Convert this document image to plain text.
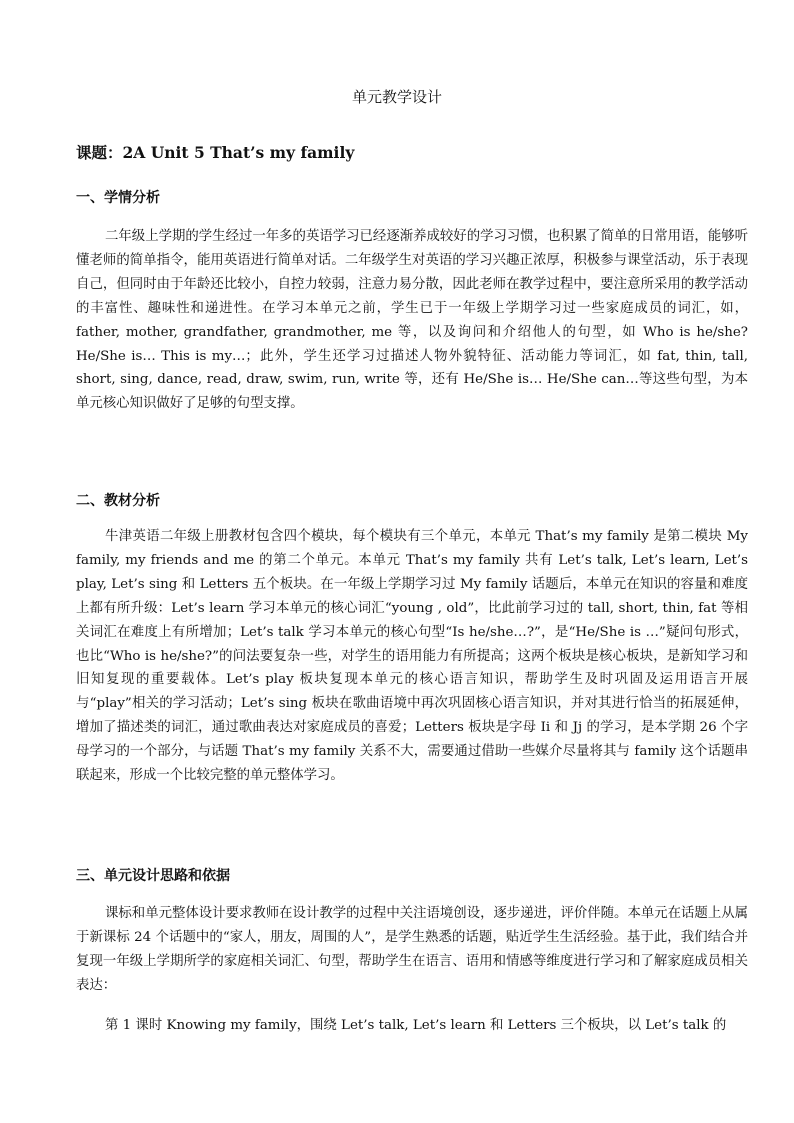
单元教学设计
课题：2A Unit 5 That’s my family
一、学情分析

二年级上学期的学生经过一年多的英语学习已经逐渐养成较好的学习习惯，也积累了简单的日常用语，能够听懂老师的简单指令，能用英语进行简单对话。二年级学生对英语的学习兴趣正浓厚，积极参与课堂活动，乐于表现自己，但同时由于年龄还比较小，自控力较弱，注意力易分散，因此老师在教学过程中，要注意所采用的教学活动的丰富性、趣味性和递进性。在学习本单元之前，学生已于一年级上学期学习过一些家庭成员的词汇，如，father, mother, grandfather, grandmother, me 等，以及询问和介绍他人的句型，如 Who is he/she? He/She is… This is my…；此外，学生还学习过描述人物外貌特征、活动能力等词汇，如 fat, thin, tall, short, sing, dance, read, draw, swim, run, write 等，还有 He/She is… He/She can…等这些句型，为本单元核心知识做好了足够的句型支撑。

二、教材分析

牛津英语二年级上册教材包含四个模块，每个模块有三个单元，本单元 That’s my family 是第二模块 My family, my friends and me 的第二个单元。本单元 That’s my family 共有 Let’s talk, Let’s learn, Let’s play, Let’s sing 和 Letters 五个板块。在一年级上学期学习过 My family 话题后，本单元在知识的容量和难度上都有所升级：Let’s learn 学习本单元的核心词汇“young , old”，比此前学习过的 tall, short, thin, fat 等相关词汇在难度上有所增加；Let’s talk 学习本单元的核心句型“Is he/she…?”，是“He/She is …”疑问句形式，也比“Who is he/she?”的问法要复杂一些，对学生的语用能力有所提高；这两个板块是核心板块，是新知学习和旧知复现的重要载体。Let’s play 板块复现本单元的核心语言知识，帮助学生及时巩固及运用语言开展与“play”相关的学习活动；Let’s sing 板块在歌曲语境中再次巩固核心语言知识，并对其进行恰当的拓展延伸，增加了描述类的词汇，通过歌曲表达对家庭成员的喜爱；Letters 板块是字母 Ii 和 Jj 的学习，是本学期 26 个字母学习的一个部分，与话题 That’s my family 关系不大，需要通过借助一些媒介尽量将其与 family 这个话题串联起来，形成一个比较完整的单元整体学习。

三、单元设计思路和依据

课标和单元整体设计要求教师在设计教学的过程中关注语境创设，逐步递进，评价伴随。本单元在话题上从属于新课标 24 个话题中的“家人，朋友，周围的人”，是学生熟悉的话题，贴近学生生活经验。基于此，我们结合并复现一年级上学期所学的家庭相关词汇、句型，帮助学生在语言、语用和情感等维度进行学习和了解家庭成员相关表达：

第 1 课时 Knowing my family，围绕 Let’s talk, Let’s learn 和 Letters 三个板块，以 Let’s talk 的
